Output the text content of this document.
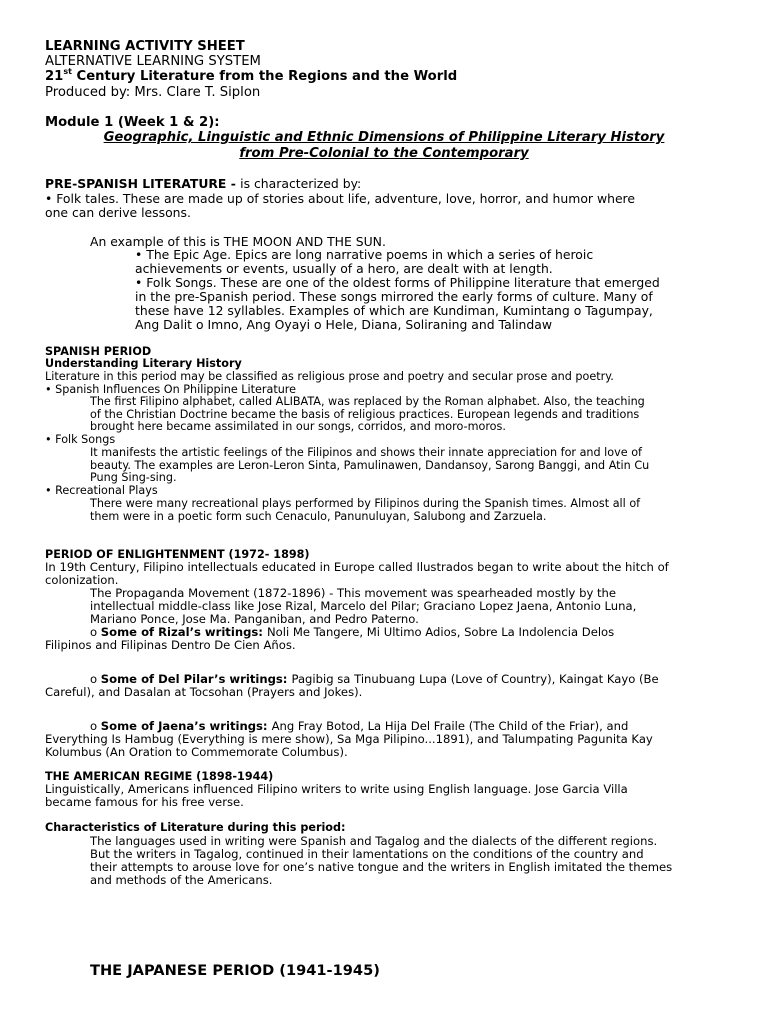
LEARNING ACTIVITY SHEET
ALTERNATIVE LEARNING SYSTEM
21st Century Literature from the Regions and the World
Produced by: Mrs. Clare T. Siplon
Module 1 (Week 1 & 2):
Geographic, Linguistic and Ethnic Dimensions of Philippine Literary History
from Pre-Colonial to the Contemporary
PRE-SPANISH LITERATURE - is characterized by:
• Folk tales. These are made up of stories about life, adventure, love, horror, and humor where
one can derive lessons.
An example of this is THE MOON AND THE SUN.
• The Epic Age. Epics are long narrative poems in which a series of heroic
achievements or events, usually of a hero, are dealt with at length.
• Folk Songs. These are one of the oldest forms of Philippine literature that emerged
in the pre-Spanish period. These songs mirrored the early forms of culture. Many of
these have 12 syllables. Examples of which are Kundiman, Kumintang o Tagumpay,
Ang Dalit o Imno, Ang Oyayi o Hele, Diana, Soliraning and Talindaw
SPANISH PERIOD
Understanding Literary History
Literature in this period may be classified as religious prose and poetry and secular prose and poetry.
• Spanish Influences On Philippine Literature
The first Filipino alphabet, called ALIBATA, was replaced by the Roman alphabet. Also, the teaching
of the Christian Doctrine became the basis of religious practices. European legends and traditions
brought here became assimilated in our songs, corridos, and moro-moros.
• Folk Songs
It manifests the artistic feelings of the Filipinos and shows their innate appreciation for and love of
beauty. The examples are Leron-Leron Sinta, Pamulinawen, Dandansoy, Sarong Banggi, and Atin Cu
Pung Sing-sing.
• Recreational Plays
There were many recreational plays performed by Filipinos during the Spanish times. Almost all of
them were in a poetic form such Cenaculo, Panunuluyan, Salubong and Zarzuela.
PERIOD OF ENLIGHTENMENT (1972- 1898)
In 19th Century, Filipino intellectuals educated in Europe called Ilustrados began to write about the hitch of
colonization.
The Propaganda Movement (1872-1896) - This movement was spearheaded mostly by the
intellectual middle-class like Jose Rizal, Marcelo del Pilar; Graciano Lopez Jaena, Antonio Luna,
Mariano Ponce, Jose Ma. Panganiban, and Pedro Paterno.
o Some of Rizal’s writings: Noli Me Tangere, Mi Ultimo Adios, Sobre La Indolencia Delos
Filipinos and Filipinas Dentro De Cien Años.
o Some of Del Pilar’s writings: Pagibig sa Tinubuang Lupa (Love of Country), Kaingat Kayo (Be
Careful), and Dasalan at Tocsohan (Prayers and Jokes).
o Some of Jaena’s writings: Ang Fray Botod, La Hija Del Fraile (The Child of the Friar), and
Everything Is Hambug (Everything is mere show), Sa Mga Pilipino...1891), and Talumpating Pagunita Kay
Kolumbus (An Oration to Commemorate Columbus).
THE AMERICAN REGIME (1898-1944)
Linguistically, Americans influenced Filipino writers to write using English language. Jose Garcia Villa
became famous for his free verse.
Characteristics of Literature during this period:
The languages used in writing were Spanish and Tagalog and the dialects of the different regions.
But the writers in Tagalog, continued in their lamentations on the conditions of the country and
their attempts to arouse love for one’s native tongue and the writers in English imitated the themes
and methods of the Americans.
THE JAPANESE PERIOD (1941-1945)
